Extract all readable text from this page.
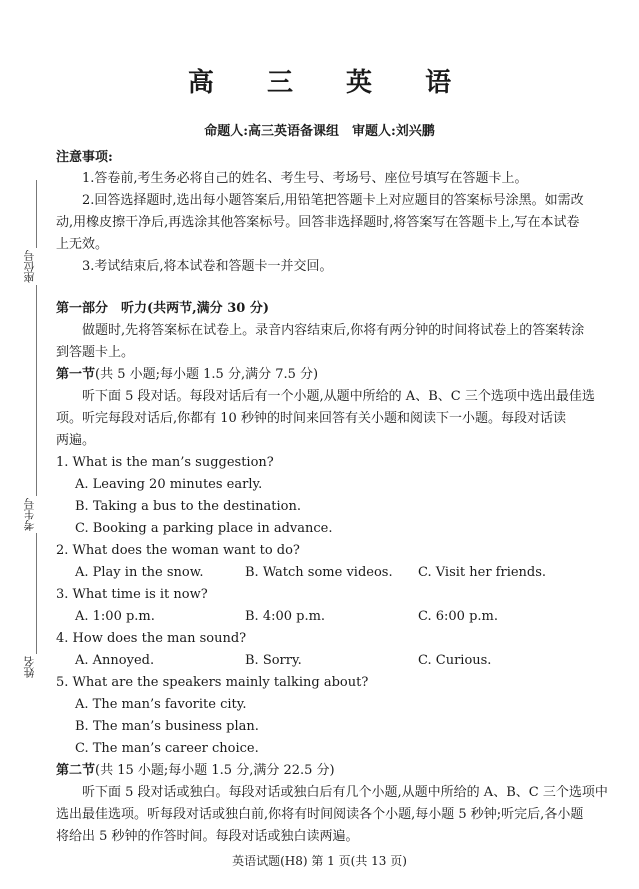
座位号
考生号
姓名
高 三 英 语
命题人:高三英语备课组　审题人:刘兴鹏
注意事项:
1.答卷前,考生务必将自己的姓名、考生号、考场号、座位号填写在答题卡上。
2.回答选择题时,选出每小题答案后,用铅笔把答题卡上对应题目的答案标号涂黑。如需改
动,用橡皮擦干净后,再选涂其他答案标号。回答非选择题时,将答案写在答题卡上,写在本试卷
上无效。
3.考试结束后,将本试卷和答题卡一并交回。
第一部分　听力(共两节,满分 30 分)
做题时,先将答案标在试卷上。录音内容结束后,你将有两分钟的时间将试卷上的答案转涂
到答题卡上。
第一节(共 5 小题;每小题 1.5 分,满分 7.5 分)
听下面 5 段对话。每段对话后有一个小题,从题中所给的 A、B、C 三个选项中选出最佳选
项。听完每段对话后,你都有 10 秒钟的时间来回答有关小题和阅读下一小题。每段对话读
两遍。
1. What is the man’s suggestion?
A. Leaving 20 minutes early.
B. Taking a bus to the destination.
C. Booking a parking place in advance.
2. What does the woman want to do?
A. Play in the snow.	B. Watch some videos. C. Visit her friends.
3. What time is it now?
A. 1:00 p.m.	B. 4:00 p.m.	C. 6:00 p.m.
4. How does the man sound?
A. Annoyed.	B. Sorry.	C. Curious.
5. What are the speakers mainly talking about?
A. The man’s favorite city.
B. The man’s business plan.
C. The man’s career choice.
第二节(共 15 小题;每小题 1.5 分,满分 22.5 分)
听下面 5 段对话或独白。每段对话或独白后有几个小题,从题中所给的 A、B、C 三个选项中
选出最佳选项。听每段对话或独白前,你将有时间阅读各个小题,每小题 5 秒钟;听完后,各小题
将给出 5 秒钟的作答时间。每段对话或独白读两遍。
英语试题(H8) 第 1 页(共 13 页)
